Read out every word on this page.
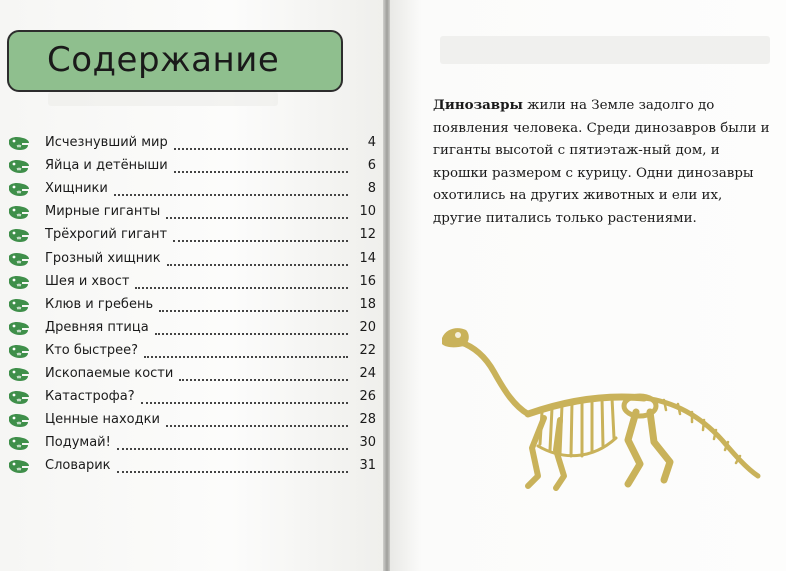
Содержание
Исчезнувший мир	4
Яйца и детёныши	6
Хищники	8
Мирные гиганты	10
Трёхрогий гигант	12
Грозный хищник	14
Шея и хвост	16
Клюв и гребень	18
Древняя птица	20
Кто быстрее?	22
Ископаемые кости	24
Катастрофа?	26
Ценные находки	28
Подумай!	30
Словарик	31
Динозавры жили на Земле задолго до появления человека. Среди динозавров были и гиганты высотой с пятиэтаж-ный дом, и крошки размером с курицу. Одни динозавры охотились на других животных и ели их, другие питались только растениями.
